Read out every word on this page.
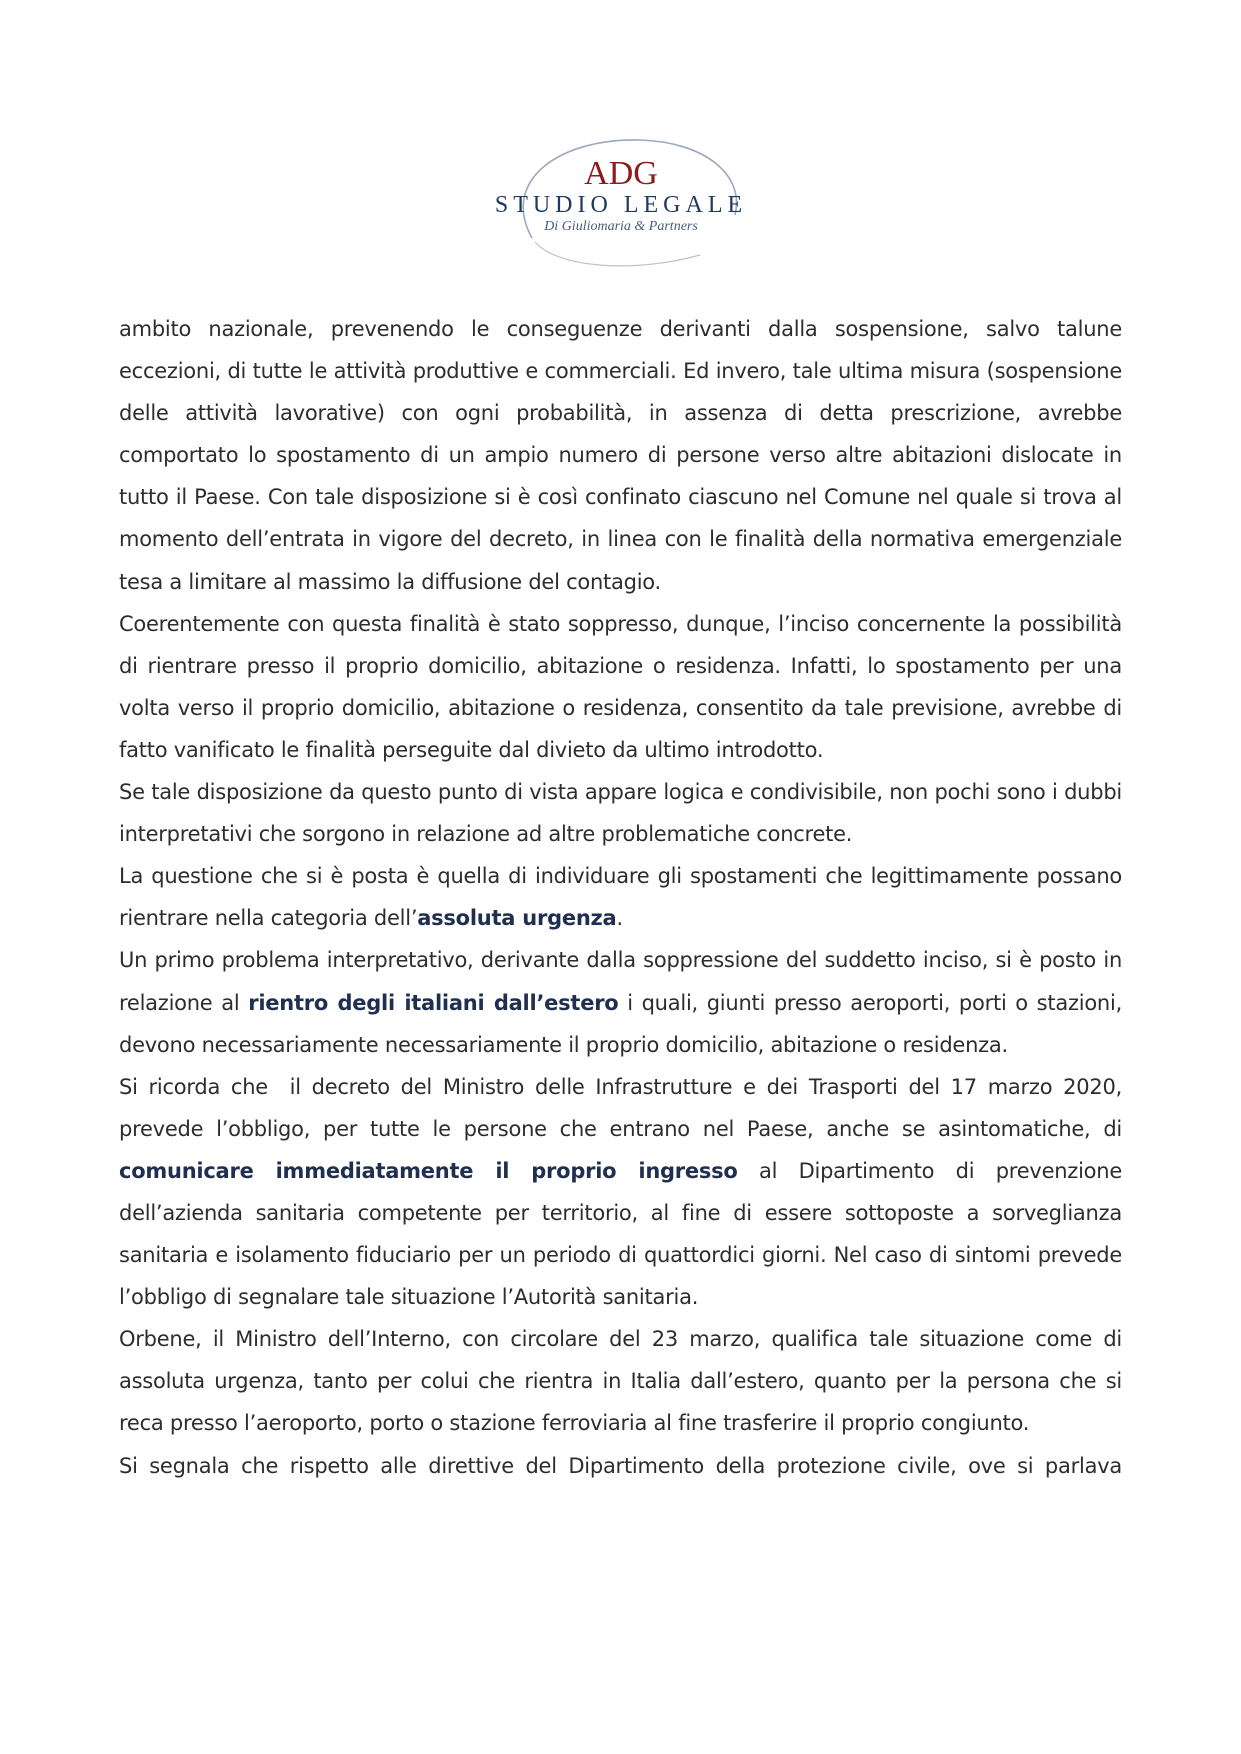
ADG
STUDIO LEGALE
Di Giuliomaria & Partners

ambito nazionale, prevenendo le conseguenze derivanti dalla sospensione, salvo talune eccezioni, di tutte le attività produttive e commerciali. Ed invero, tale ultima misura (sospensione delle attività lavorative) con ogni probabilità, in assenza di detta prescrizione, avrebbe comportato lo spostamento di un ampio numero di persone verso altre abitazioni dislocate in tutto il Paese. Con tale disposizione si è così confinato ciascuno nel Comune nel quale si trova al momento dell’entrata in vigore del decreto, in linea con le finalità della normativa emergenziale tesa a limitare al massimo la diffusione del contagio.

Coerentemente con questa finalità è stato soppresso, dunque, l’inciso concernente la possibilità di rientrare presso il proprio domicilio, abitazione o residenza. Infatti, lo spostamento per una volta verso il proprio domicilio, abitazione o residenza, consentito da tale previsione, avrebbe di fatto vanificato le finalità perseguite dal divieto da ultimo introdotto.

Se tale disposizione da questo punto di vista appare logica e condivisibile, non pochi sono i dubbi interpretativi che sorgono in relazione ad altre problematiche concrete.

La questione che si è posta è quella di individuare gli spostamenti che legittimamente possano rientrare nella categoria dell’assoluta urgenza.

Un primo problema interpretativo, derivante dalla soppressione del suddetto inciso, si è posto in relazione al rientro degli italiani dall’estero i quali, giunti presso aeroporti, porti o stazioni, devono necessariamente necessariamente il proprio domicilio, abitazione o residenza.

Si ricorda che  il decreto del Ministro delle Infrastrutture e dei Trasporti del 17 marzo 2020, prevede l’obbligo, per tutte le persone che entrano nel Paese, anche se asintomatiche, di comunicare immediatamente il proprio ingresso al Dipartimento di prevenzione dell’azienda sanitaria competente per territorio, al fine di essere sottoposte a sorveglianza sanitaria e isolamento fiduciario per un periodo di quattordici giorni. Nel caso di sintomi prevede l’obbligo di segnalare tale situazione l’Autorità sanitaria.

Orbene, il Ministro dell’Interno, con circolare del 23 marzo, qualifica tale situazione come di assoluta urgenza, tanto per colui che rientra in Italia dall’estero, quanto per la persona che si reca presso l’aeroporto, porto o stazione ferroviaria al fine trasferire il proprio congiunto.

Si segnala che rispetto alle direttive del Dipartimento della protezione civile, ove si parlava
